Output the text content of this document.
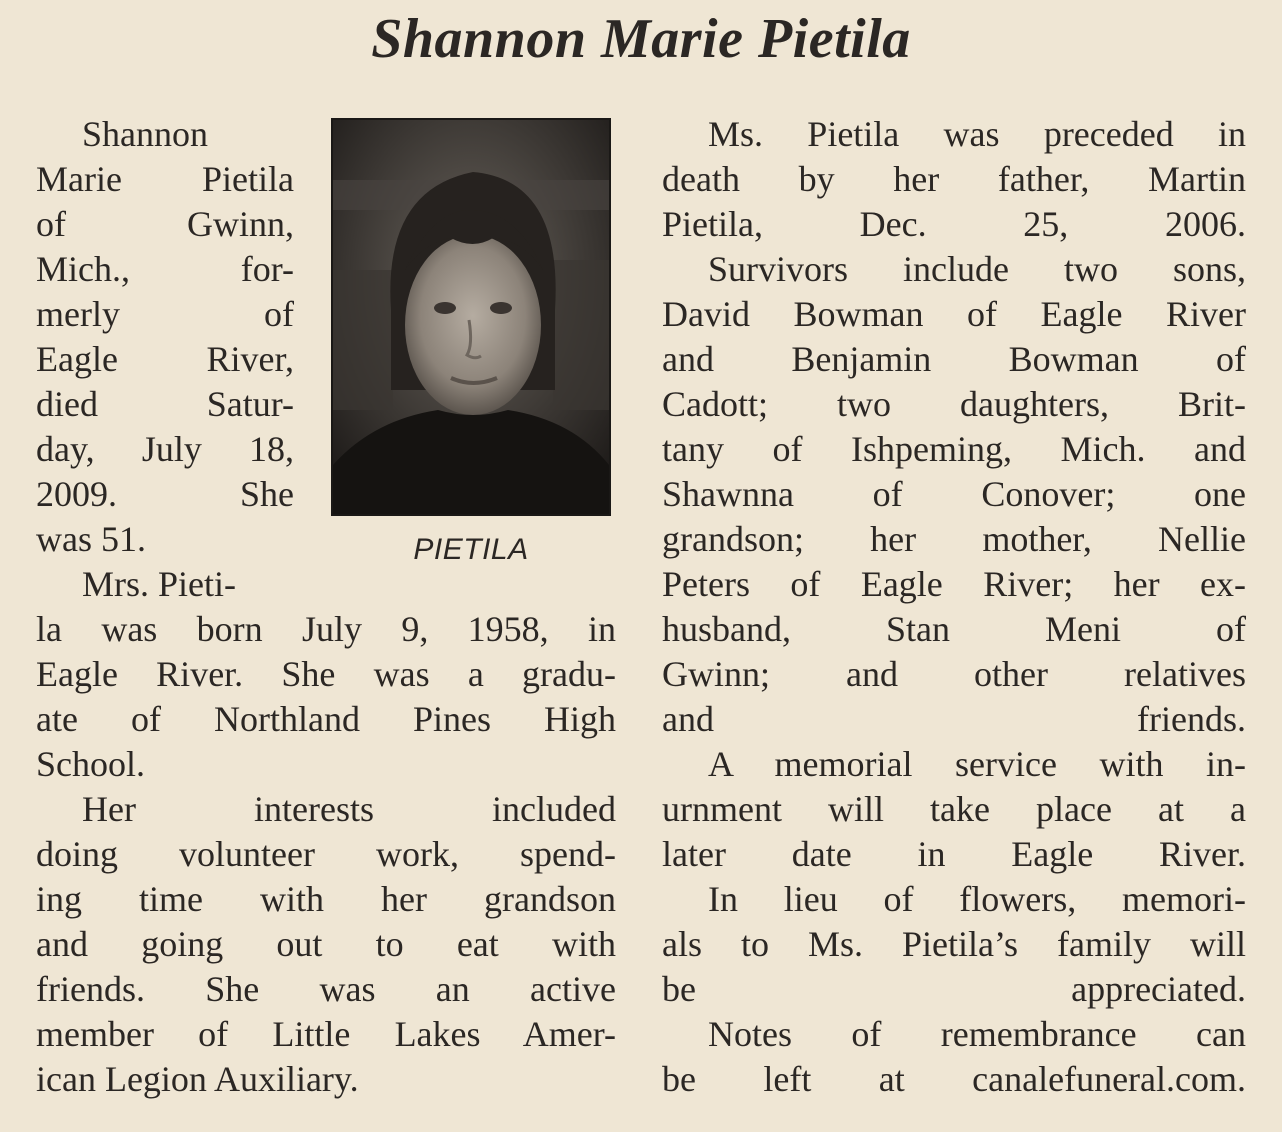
Shannon Marie Pietila
Shannon
Marie Pietila
of Gwinn,
Mich., for-
merly of
Eagle River,
died Satur-
day, July 18,
2009. She
was 51.	PIETILA
Mrs. Pieti-
la was born July 9, 1958, in
Eagle River. She was a gradu-
ate of Northland Pines High
School.
Her interests included
doing volunteer work, spend-
ing time with her grandson
and going out to eat with
friends. She was an active
member of Little Lakes Amer-
ican Legion Auxiliary.
Ms. Pietila was preceded in
death by her father, Martin
Pietila, Dec. 25, 2006.
Survivors include two sons,
David Bowman of Eagle River
and Benjamin Bowman of
Cadott; two daughters, Brit-
tany of Ishpeming, Mich. and
Shawnna of Conover; one
grandson; her mother, Nellie
Peters of Eagle River; her ex-
husband, Stan Meni of
Gwinn; and other relatives
and friends.
A memorial service with in-
urnment will take place at a
later date in Eagle River.
In lieu of flowers, memori-
als to Ms. Pietila’s family will
be appreciated.
Notes of remembrance can
be left at canalefuneral.com.
